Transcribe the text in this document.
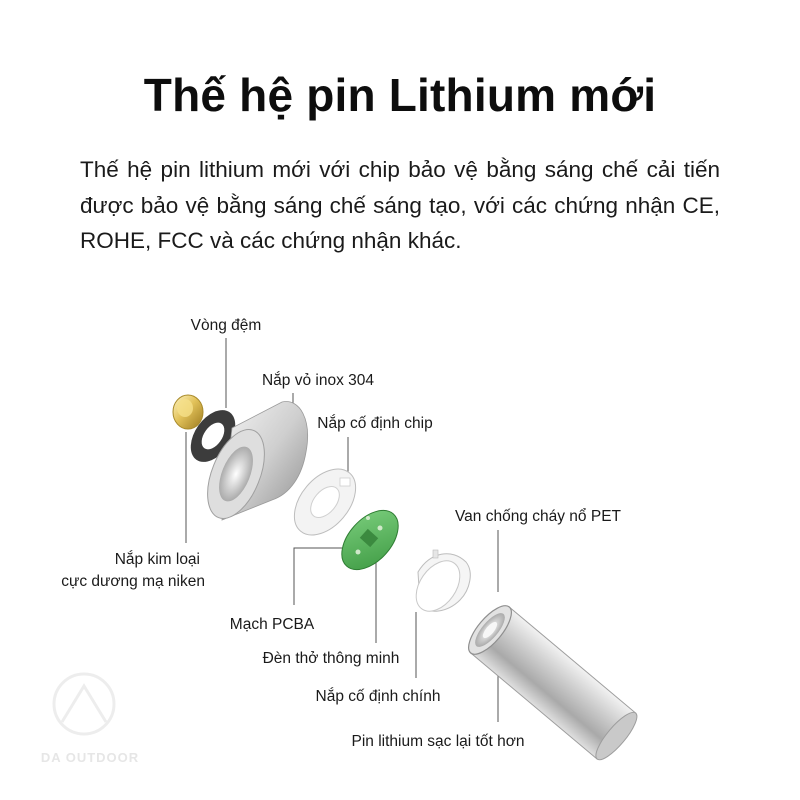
Thế hệ pin Lithium mới

Thế hệ pin lithium mới với chip bảo vệ bằng sáng chế cải tiến được bảo vệ bằng sáng chế sáng tạo, với các chứng nhận CE, ROHE, FCC và các chứng nhận khác.

Vòng đệm
Nắp vỏ inox 304
Nắp cố định chip
Nắp kim loại
cực dương mạ niken
Mạch PCBA
Đèn thở thông minh
Nắp cố định chính
Van chống cháy nổ PET
Pin lithium sạc lại tốt hơn
DA OUTDOOR
